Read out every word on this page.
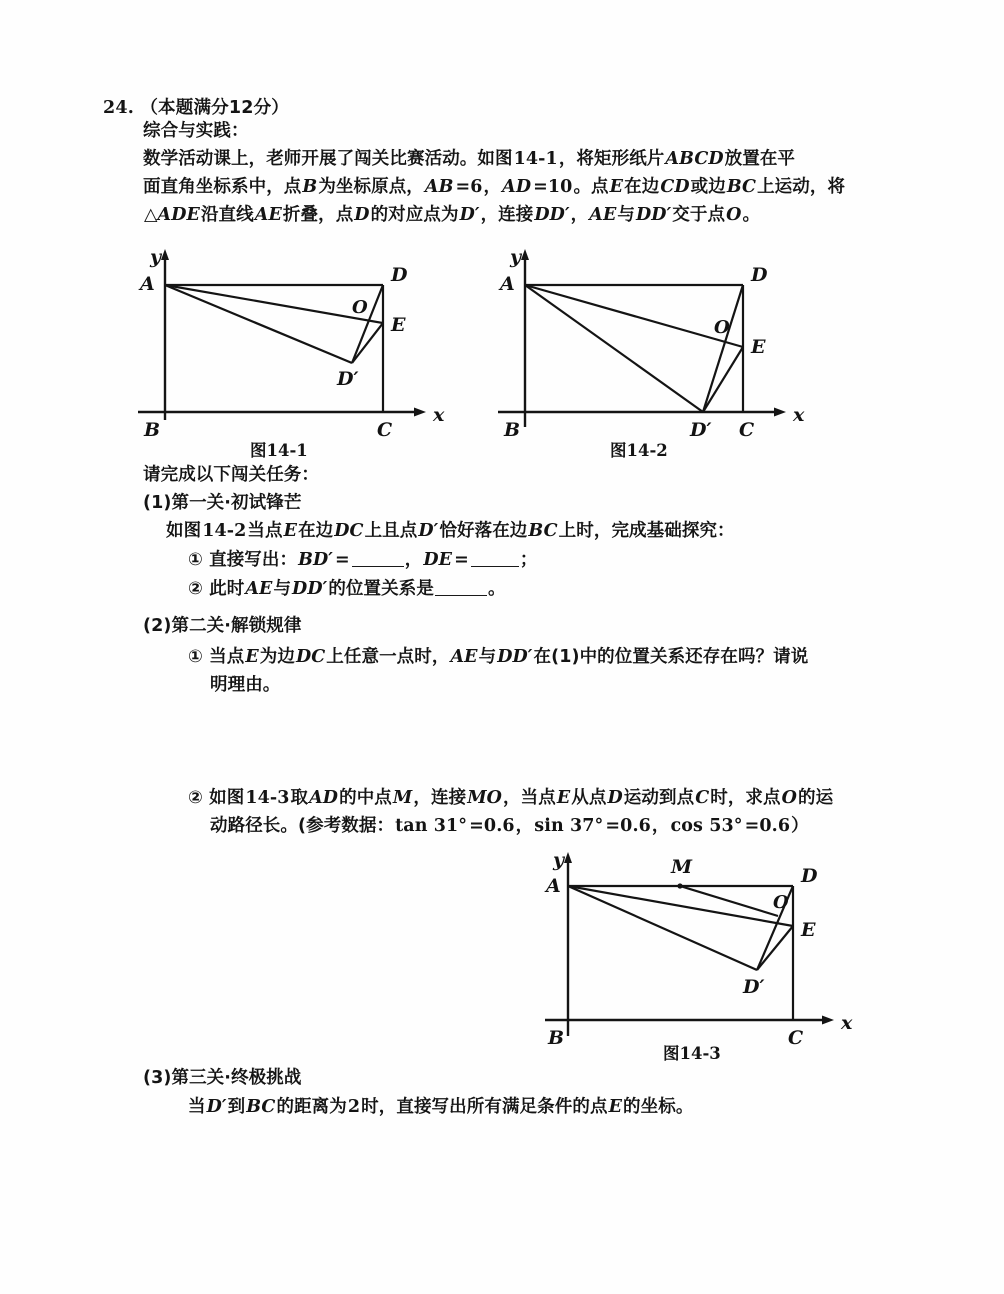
24. （本题满分12分）
综合与实践：
数学活动课上，老师开展了闯关比赛活动。如图14-1，将矩形纸片ABCD放置在平
面直角坐标系中，点B为坐标原点，AB =6，AD =10。点E在边CD或边BC上运动，将
△ADE沿直线AE折叠，点D的对应点为D′，连接DD′，AE与DD′交于点O。
A
B	C
D
E
O
D′
x
y
图14-1
A
B	C
D
E
O
D′
x
y
图14-2
请完成以下闯关任务：
(1)第一关·初试锋芒
如图14-2当点E在边DC上且点D′恰好落在边BC上时，完成基础探究：
① 直接写出：BD′ =	，DE =	；
② 此时AE与DD′的位置关系是	。
(2)第二关·解锁规律
① 当点E为边DC上任意一点时，AE与DD′在(1)中的位置关系还存在吗？请说
明理由。
② 如图14-3取AD的中点M，连接MO，当点E从点D运动到点C时，求点O的运
动路径长。(参考数据：tan 31° =0.6，sin 37° =0.6，cos 53° =0.6）
A
B	C
D
E
O
M
D′
x
y
图14-3
(3)第三关·终极挑战
当D′到BC的距离为2时，直接写出所有满足条件的点E的坐标。
